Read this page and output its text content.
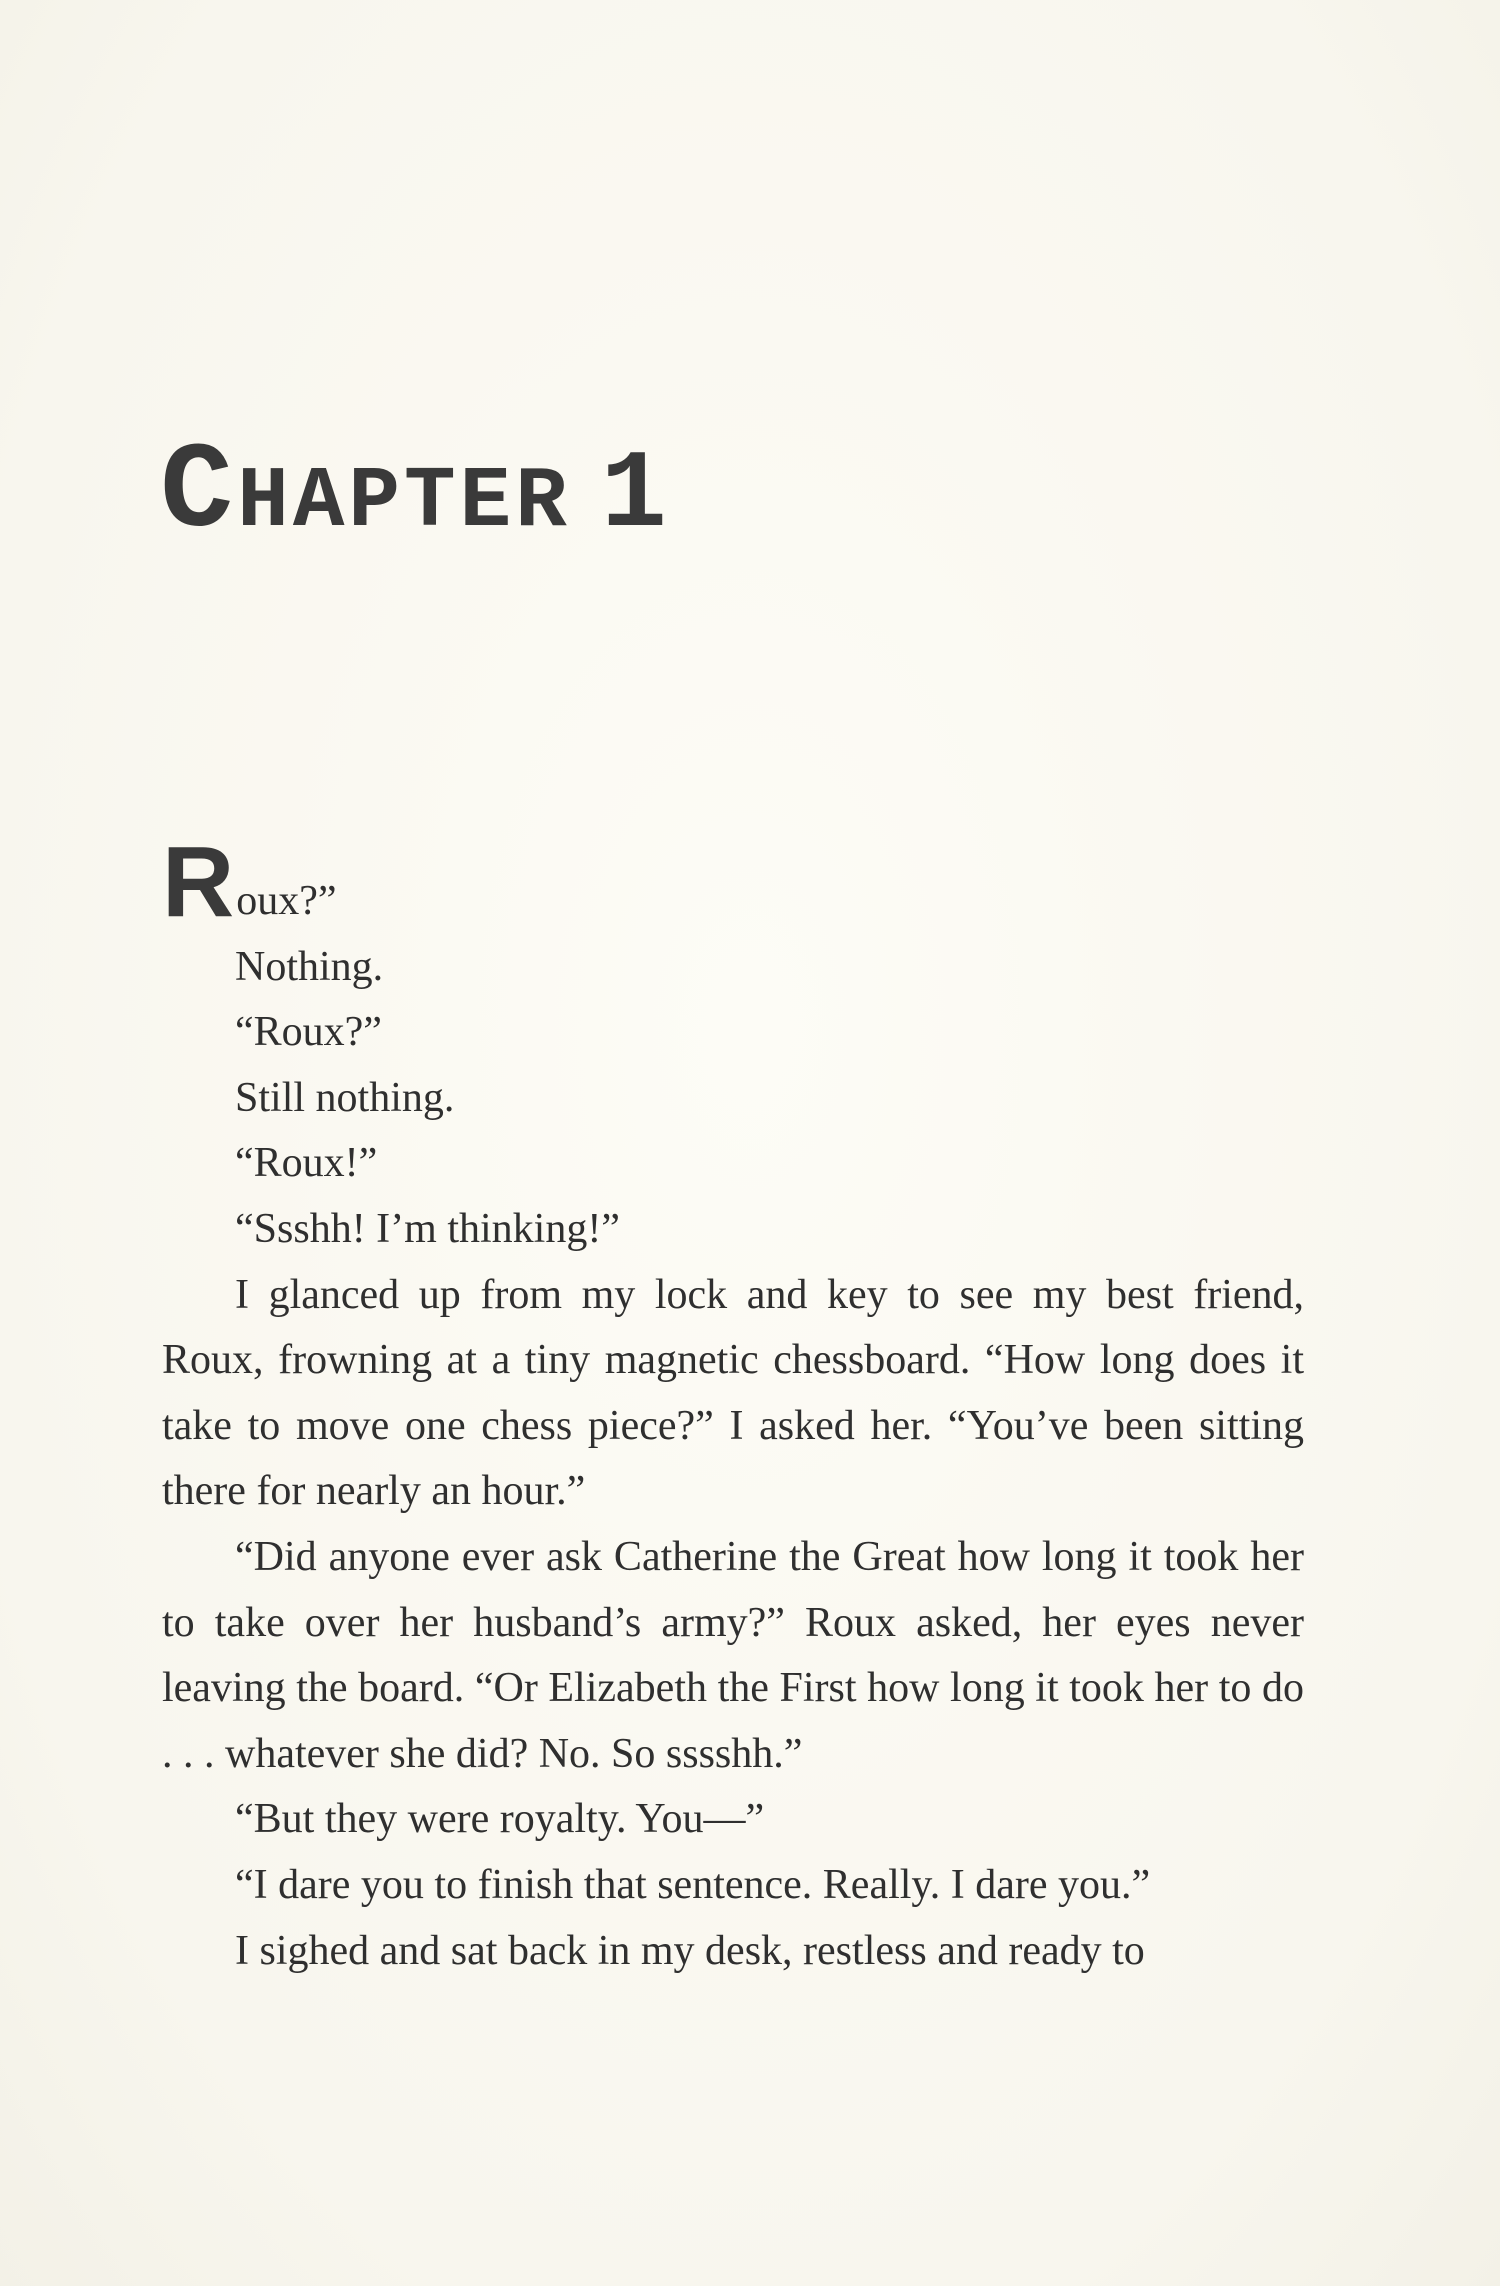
CHAPTER 1

Roux?”

Nothing.

“Roux?”

Still nothing.

“Roux!”

“Ssshh! I’m thinking!”

I glanced up from my lock and key to see my best friend, Roux, frowning at a tiny magnetic chessboard. “How long does it take to move one chess piece?” I asked her. “You’ve been sitting there for nearly an hour.”

“Did anyone ever ask Catherine the Great how long it took her to take over her husband’s army?” Roux asked, her eyes never leaving the board. “Or Elizabeth the First how long it took her to do . . . whatever she did? No. So sssshh.”

“But they were royalty. You—”

“I dare you to finish that sentence. Really. I dare you.”

I sighed and sat back in my desk, restless and ready to
